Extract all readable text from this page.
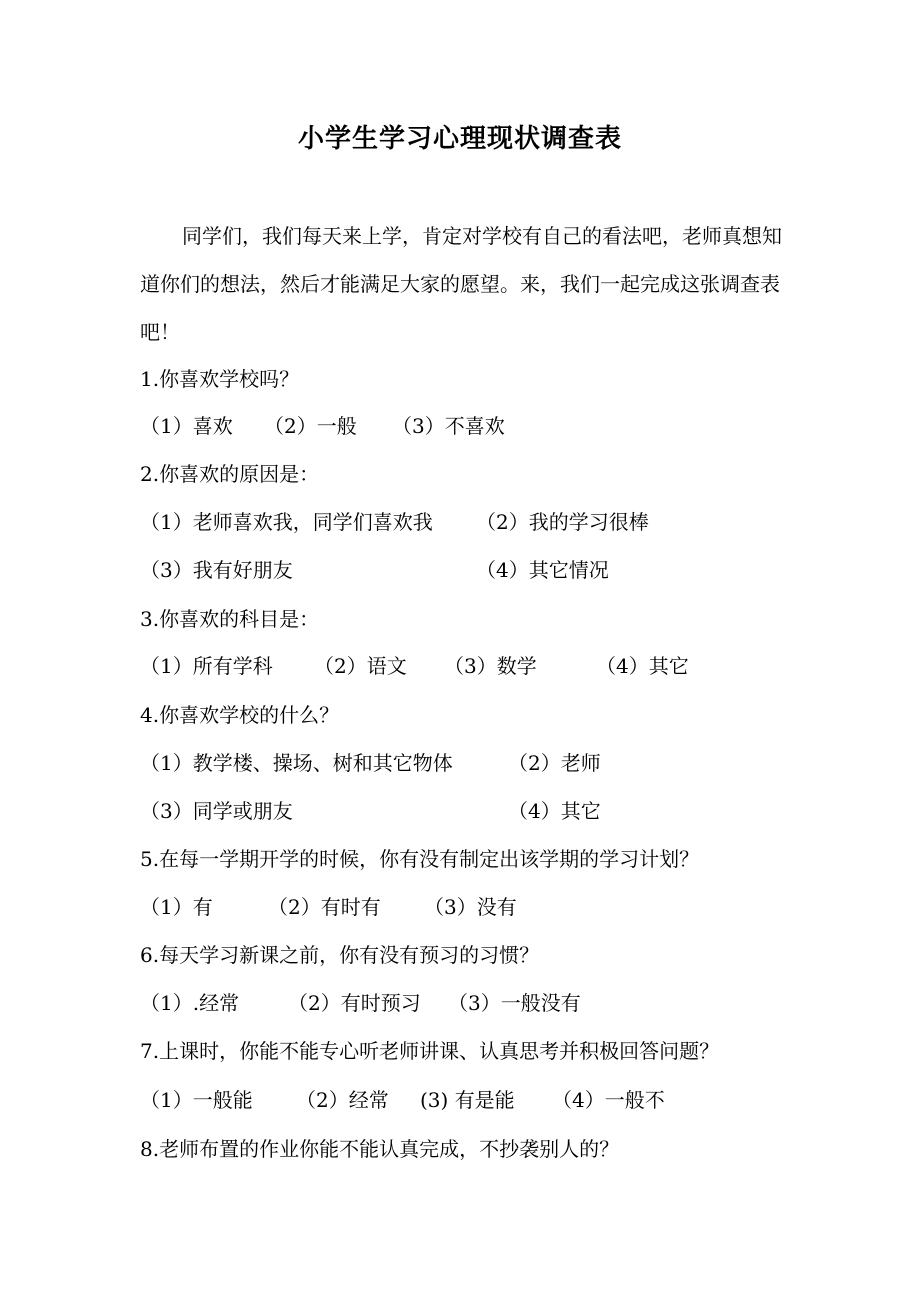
小学生学习心理现状调查表
同学们，我们每天来上学，肯定对学校有自己的看法吧，老师真想知道你们的想法，然后才能满足大家的愿望。来，我们一起完成这张调查表吧！
1.你喜欢学校吗？
（1）喜欢 （2）一般 （3）不喜欢
2.你喜欢的原因是：
（1）老师喜欢我，同学们喜欢我 （2）我的学习很棒
（3）我有好朋友	（4）其它情况
3.你喜欢的科目是：
（1）所有学科 （2）语文 （3）数学	（4）其它
4.你喜欢学校的什么？
（1）教学楼、操场、树和其它物体	（2）老师
（3）同学或朋友	（4）其它
5.在每一学期开学的时候，你有没有制定出该学期的学习计划？
（1）有	（2）有时有 （3）没有
6.每天学习新课之前，你有没有预习的习惯？
（1）.经常 （2）有时预习 （3）一般没有
7.上课时，你能不能专心听老师讲课、认真思考并积极回答问题？
（1）一般能 （2）经常 (3) 有是能 （4）一般不
8.老师布置的作业你能不能认真完成，不抄袭别人的？
